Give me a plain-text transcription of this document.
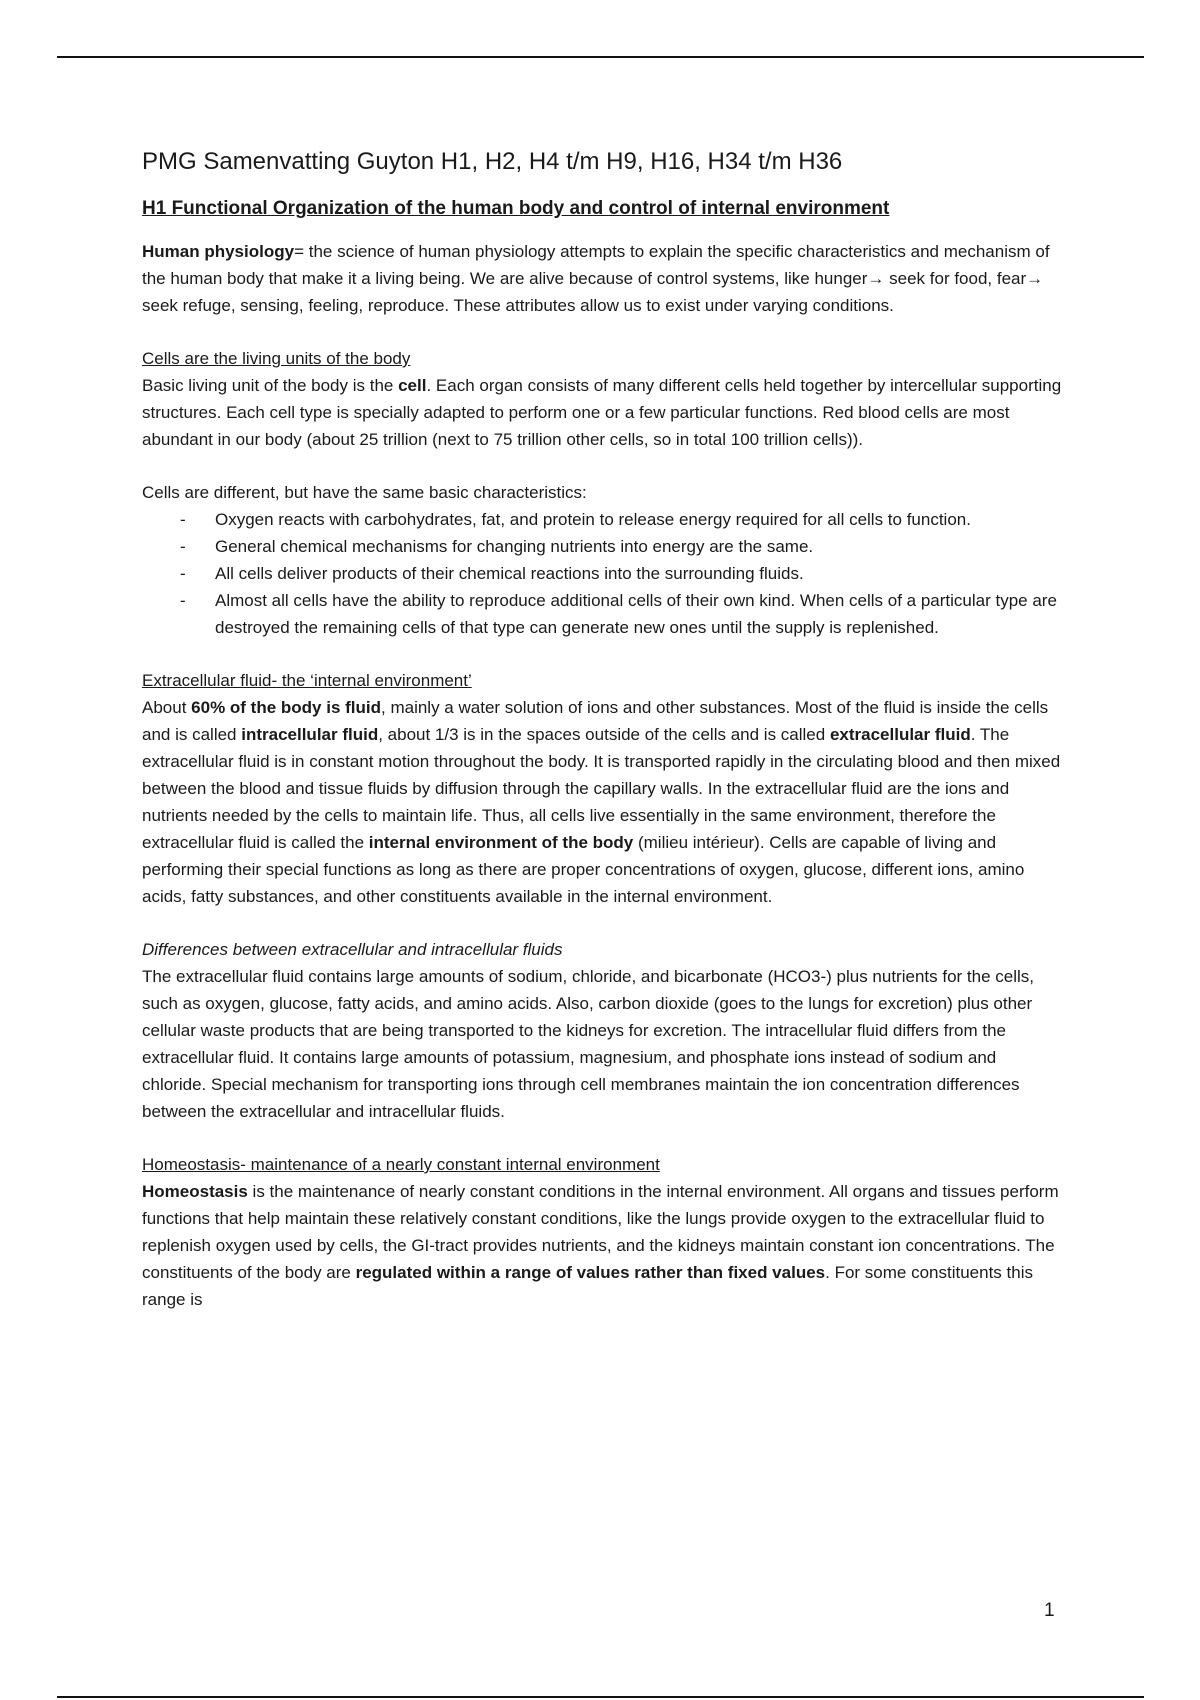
PMG Samenvatting Guyton H1, H2, H4 t/m H9, H16, H34 t/m H36
H1 Functional Organization of the human body and control of internal environment

Human physiology= the science of human physiology attempts to explain the specific characteristics and mechanism of the human body that make it a living being. We are alive because of control systems, like hunger→ seek for food, fear→ seek refuge, sensing, feeling, reproduce. These attributes allow us to exist under varying conditions.

Cells are the living units of the body
Basic living unit of the body is the cell. Each organ consists of many different cells held together by intercellular supporting structures. Each cell type is specially adapted to perform one or a few particular functions. Red blood cells are most abundant in our body (about 25 trillion (next to 75 trillion other cells, so in total 100 trillion cells)).

Cells are different, but have the same basic characteristics:

- Oxygen reacts with carbohydrates, fat, and protein to release energy required for all cells to function.
- General chemical mechanisms for changing nutrients into energy are the same.
- All cells deliver products of their chemical reactions into the surrounding fluids.
- Almost all cells have the ability to reproduce additional cells of their own kind. When cells of a particular type are destroyed the remaining cells of that type can generate new ones until the supply is replenished.

Extracellular fluid- the ‘internal environment’
About 60% of the body is fluid, mainly a water solution of ions and other substances. Most of the fluid is inside the cells and is called intracellular fluid, about 1/3 is in the spaces outside of the cells and is called extracellular fluid. The extracellular fluid is in constant motion throughout the body. It is transported rapidly in the circulating blood and then mixed between the blood and tissue fluids by diffusion through the capillary walls. In the extracellular fluid are the ions and nutrients needed by the cells to maintain life. Thus, all cells live essentially in the same environment, therefore the extracellular fluid is called the internal environment of the body (milieu intérieur). Cells are capable of living and performing their special functions as long as there are proper concentrations of oxygen, glucose, different ions, amino acids, fatty substances, and other constituents available in the internal environment.

Differences between extracellular and intracellular fluids
The extracellular fluid contains large amounts of sodium, chloride, and bicarbonate (HCO3-) plus nutrients for the cells, such as oxygen, glucose, fatty acids, and amino acids. Also, carbon dioxide (goes to the lungs for excretion) plus other cellular waste products that are being transported to the kidneys for excretion. The intracellular fluid differs from the extracellular fluid. It contains large amounts of potassium, magnesium, and phosphate ions instead of sodium and chloride. Special mechanism for transporting ions through cell membranes maintain the ion concentration differences between the extracellular and intracellular fluids.

Homeostasis- maintenance of a nearly constant internal environment
Homeostasis is the maintenance of nearly constant conditions in the internal environment. All organs and tissues perform functions that help maintain these relatively constant conditions, like the lungs provide oxygen to the extracellular fluid to replenish oxygen used by cells, the GI-tract provides nutrients, and the kidneys maintain constant ion concentrations. The constituents of the body are regulated within a range of values rather than fixed values. For some constituents this range is

1
